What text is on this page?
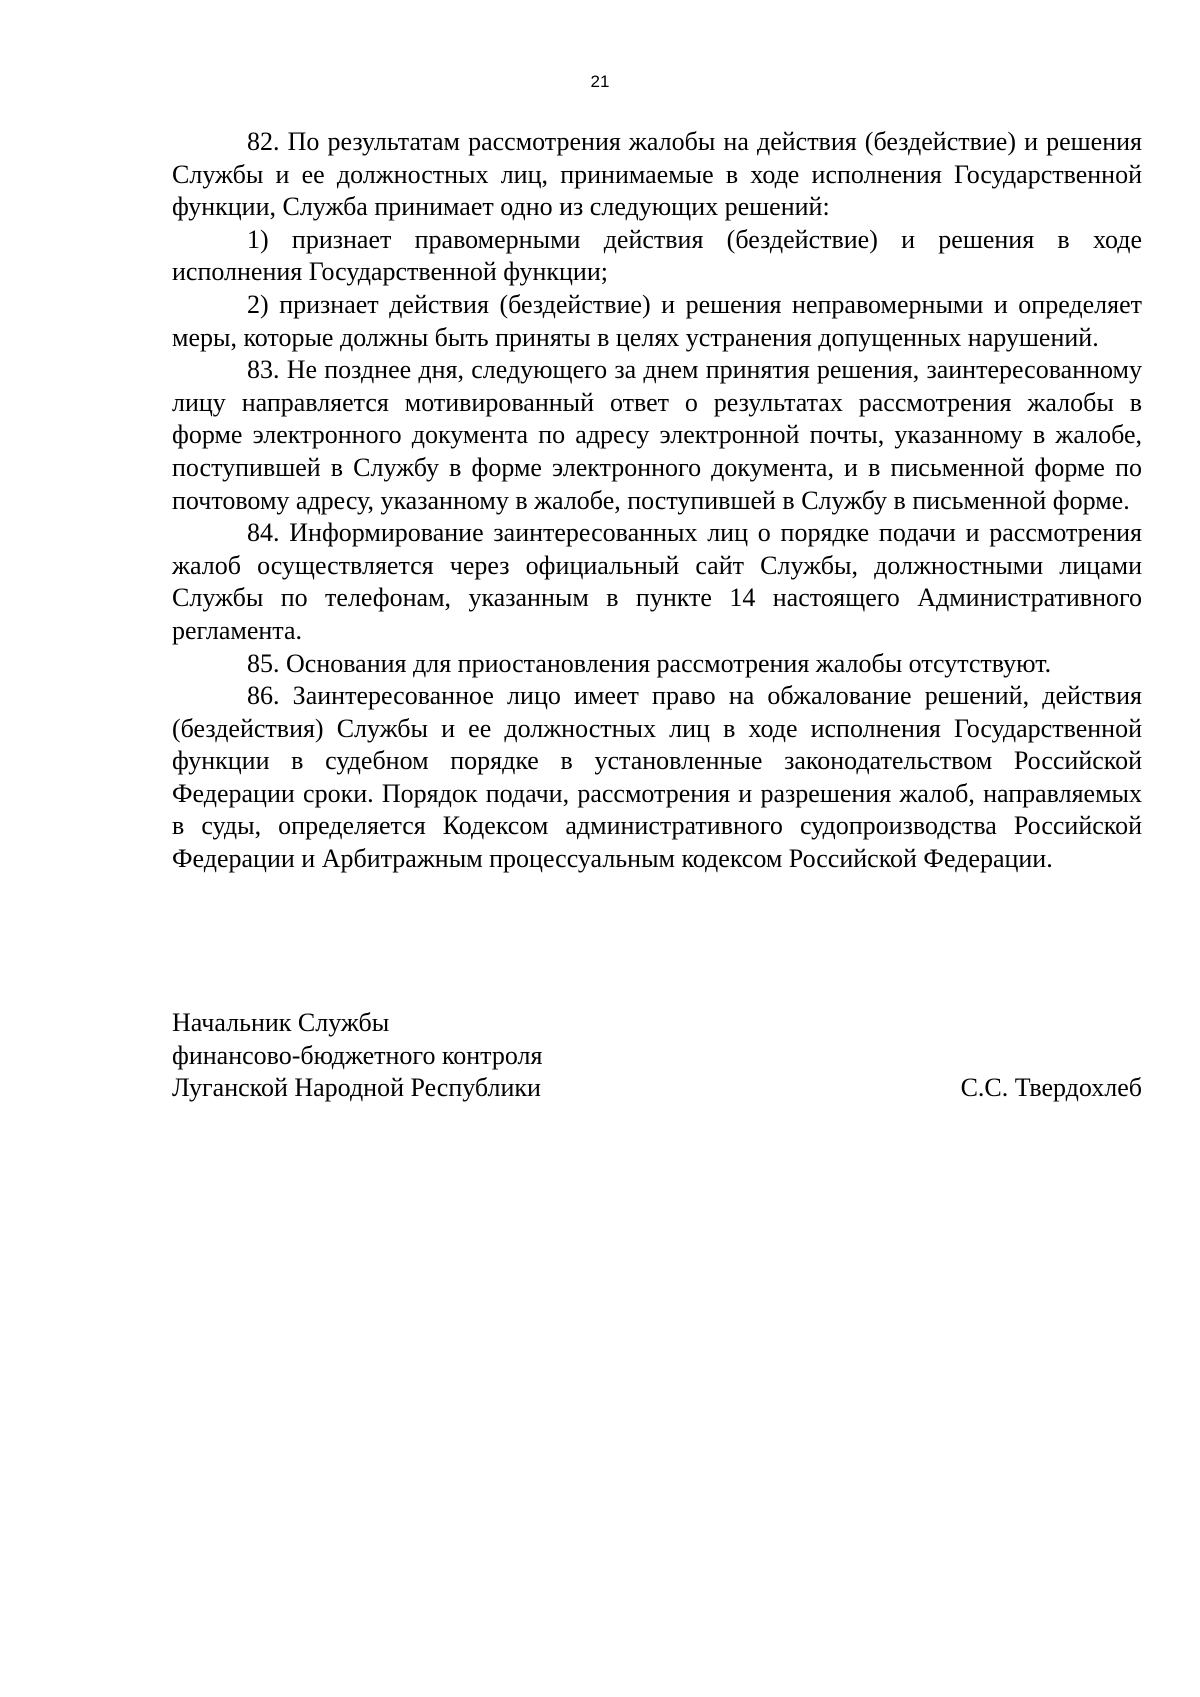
21

82. По результатам рассмотрения жалобы на действия (бездействие) и решения Службы и ее должностных лиц, принимаемые в ходе исполнения Государственной функции, Служба принимает одно из следующих решений:

1) признает правомерными действия (бездействие) и решения в ходе исполнения Государственной функции;

2) признает действия (бездействие) и решения неправомерными и определяет меры, которые должны быть приняты в целях устранения допущенных нарушений.

83. Не позднее дня, следующего за днем принятия решения, заинтересованному лицу направляется мотивированный ответ о результатах рассмотрения жалобы в форме электронного документа по адресу электронной почты, указанному в жалобе, поступившей в Службу в форме электронного документа, и в письменной форме по почтовому адресу, указанному в жалобе, поступившей в Службу в письменной форме.

84. Информирование заинтересованных лиц о порядке подачи и рассмотрения жалоб осуществляется через официальный сайт Службы, должностными лицами Службы по телефонам, указанным в пункте 14 настоящего Административного регламента.

85. Основания для приостановления рассмотрения жалобы отсутствуют.

86. Заинтересованное лицо имеет право на обжалование решений, действия (бездействия) Службы и ее должностных лиц в ходе исполнения Государственной функции в судебном порядке в установленные законодательством Российской Федерации сроки. Порядок подачи, рассмотрения и разрешения жалоб, направляемых в суды, определяется Кодексом административного судопроизводства Российской Федерации и Арбитражным процессуальным кодексом Российской Федерации.

Начальник Службы
финансово-бюджетного контроля
Луганской Народной Республики	С.С. Твердохлеб
